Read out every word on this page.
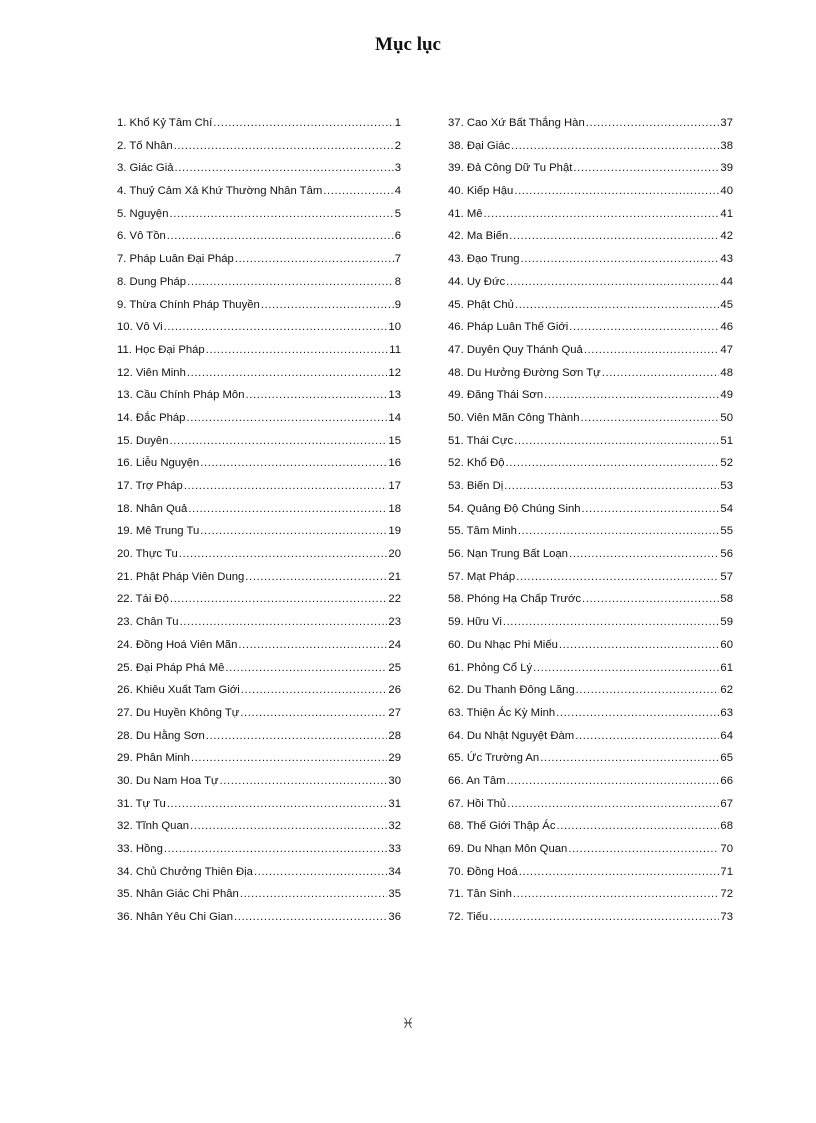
Mục lục
1. Khổ Kỷ Tâm Chí .....	1
2. Tố Nhân .....	2
3. Giác Giả .....	3
4. Thuỷ Cảm Xả Khứ Thường Nhân Tâm .....	4
5. Nguyện .....	5
6. Vô Tồn .....	6
7. Pháp Luân Đại Pháp .....	7
8. Dung Pháp .....	8
9. Thừa Chính Pháp Thuyền .....	9
10. Vô Vi .....	10
11. Học Đại Pháp .....	11
12. Viên Minh .....	12
13. Cầu Chính Pháp Môn .....	13
14. Đắc Pháp .....	14
15. Duyên .....	15
16. Liễu Nguyện .....	16
17. Trợ Pháp .....	17
18. Nhân Quả .....	18
19. Mê Trung Tu .....	19
20. Thực Tu .....	20
21. Phật Pháp Viên Dung .....	21
22. Tái Độ .....	22
23. Chân Tu .....	23
24. Đồng Hoá Viên Mãn .....	24
25. Đại Pháp Phá Mê .....	25
26. Khiêu Xuất Tam Giới .....	26
27. Du Huyền Không Tự .....	27
28. Du Hằng Sơn .....	28
29. Phân Minh .....	29
30. Du Nam Hoa Tự .....	30
31. Tự Tu .....	31
32. Tĩnh Quan .....	32
33. Hồng .....	33
34. Chủ Chưởng Thiên Địa .....	34
35. Nhân Giác Chi Phân .....	35
36. Nhân Yêu Chi Gian .....	36
37. Cao Xứ Bất Thắng Hàn .....	37
38. Đại Giác .....	38
39. Đả Công Dữ Tu Phật .....	39
40. Kiếp Hậu .....	40
41. Mê .....	41
42. Ma Biến .....	42
43. Đạo Trung .....	43
44. Uy Đức .....	44
45. Phật Chủ .....	45
46. Pháp Luân Thế Giới .....	46
47. Duyên Quy Thánh Quả .....	47
48. Du Hưởng Đường Sơn Tự .....	48
49. Đăng Thái Sơn .....	49
50. Viên Mãn Công Thành .....	50
51. Thái Cực .....	51
52. Khổ Độ .....	52
53. Biến Dị .....	53
54. Quảng Độ Chúng Sinh .....	54
55. Tâm Minh .....	55
56. Nạn Trung Bất Loạn .....	56
57. Mạt Pháp .....	57
58. Phóng Hạ Chấp Trước .....	58
59. Hữu Vi .....	59
60. Du Nhạc Phi Miếu .....	60
61. Phỏng Cổ Lý .....	61
62. Du Thanh Đông Lăng .....	62
63. Thiện Ác Kỳ Minh .....	63
64. Du Nhật Nguyệt Đàm .....	64
65. Ức Trường An .....	65
66. An Tâm .....	66
67. Hồi Thủ .....	67
68. Thế Giới Thập Ác .....	68
69. Du Nhạn Môn Quan .....	70
70. Đồng Hoá .....	71
71. Tân Sinh .....	72
72. Tiếu .....	73
♓
